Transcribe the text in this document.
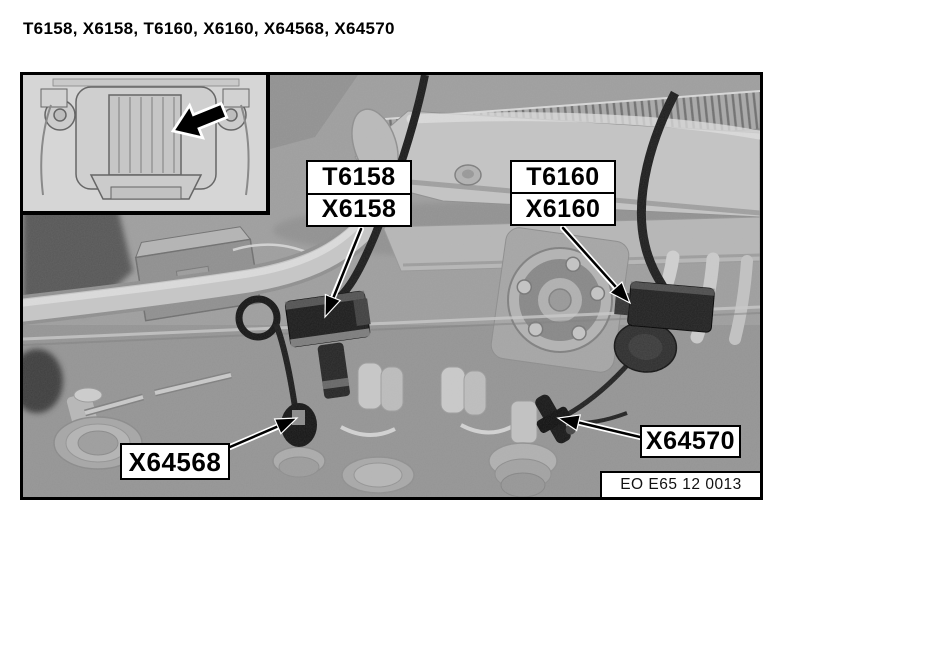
T6158, X6158, T6160, X6160, X64568, X64570
T6158
X6158
T6160
X6160
X64568
X64570
EO E65 12 0013
